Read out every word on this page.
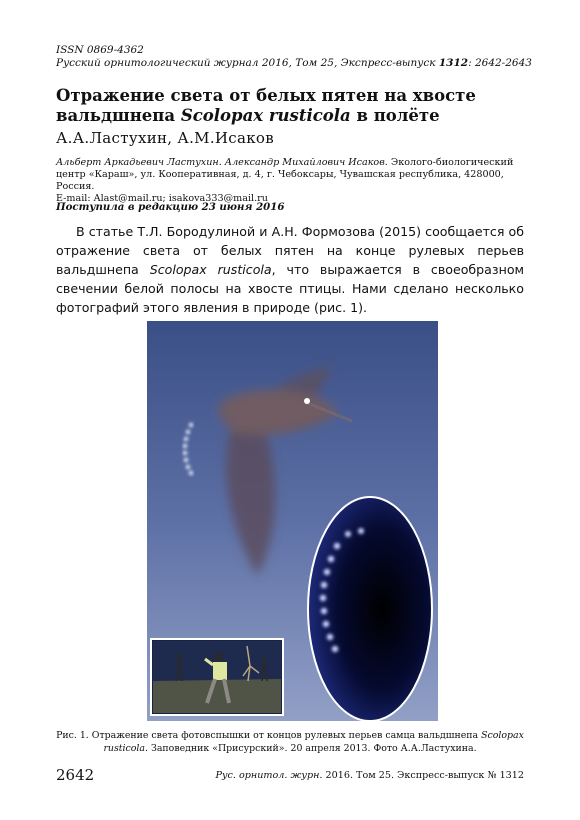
ISSN 0869-4362
Русский орнитологический журнал 2016, Том 25, Экспресс-выпуск 1312: 2642-2643
Отражение света от белых пятен на хвосте вальдшнепа Scolopax rusticola в полёте
А.А.Ластухин, А.М.Исаков
Альберт Аркадьевич Ластухин. Александр Михайлович Исаков. Эколого-биологический центр «Караш», ул. Кооперативная, д. 4, г. Чебоксары, Чувашская республика, 428000, Россия.
E-mail: Alast@mail.ru; isakova333@mail.ru
Поступила в редакцию 23 июня 2016

В статье Т.Л. Бородулиной и А.Н. Формозова (2015) сообщается об отражение света от белых пятен на конце рулевых перьев вальдшнепа Scolopax rusticola, что выражается в своеобразном свечении белой полосы на хвосте птицы. Нами сделано несколько фотографий этого явления в природе (рис. 1).

Рис. 1. Отражение света фотовспышки от концов рулевых перьев самца вальдшнепа Scolopax rusticola. Заповедник «Присурский». 20 апреля 2013. Фото А.А.Ластухина.
2642	Рус. орнитол. журн. 2016. Том 25. Экспресс-выпуск № 1312
